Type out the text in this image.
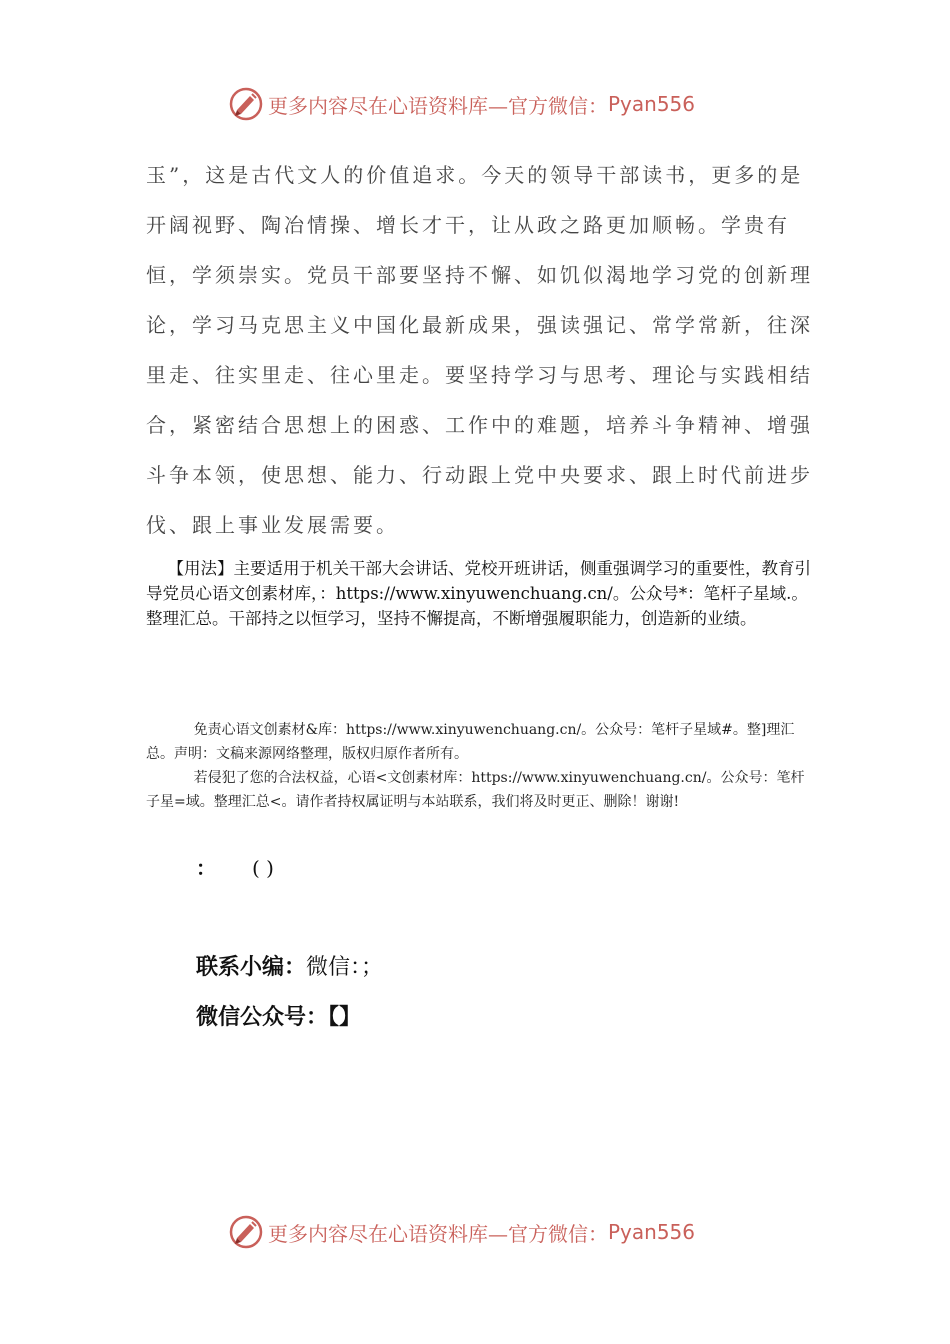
更多内容尽在心语资料库—官方微信： Pyan556

玉”，这是古代文人的价值追求。今天的领导干部读书，更多的是开阔视野、陶冶情操、增长才干，让从政之路更加顺畅。学贵有恒，学须崇实。党员干部要坚持不懈、如饥似渴地学习党的创新理论，学习马克思主义中国化最新成果，强读强记、常学常新，往深里走、往实里走、往心里走。要坚持学习与思考、理论与实践相结合，紧密结合思想上的困惑、工作中的难题，培养斗争精神、增强斗争本领，使思想、能力、行动跟上党中央要求、跟上时代前进步伐、跟上事业发展需要。

【用法】主要适用于机关干部大会讲话、党校开班讲话，侧重强调学习的重要性，教育引导党员心语文创素材库，：https://www.xinyuwenchuang.cn/。公众号*：笔杆子星域.。整理汇总。干部持之以恒学习，坚持不懈提高，不断增强履职能力，创造新的业绩。

免责心语文创素材&库：https://www.xinyuwenchuang.cn/。公众号：笔杆子星域#。整]理汇总。声明：文稿来源网络整理，版权归原作者所有。

若侵犯了您的合法权益，心语<文创素材库：https://www.xinyuwenchuang.cn/。公众号：笔杆子星=域。整理汇总<。请作者持权属证明与本站联系，我们将及时更正、删除！谢谢!

： ( )
联系小编：微信：；
微信公众号：【】
更多内容尽在心语资料库—官方微信： Pyan556
